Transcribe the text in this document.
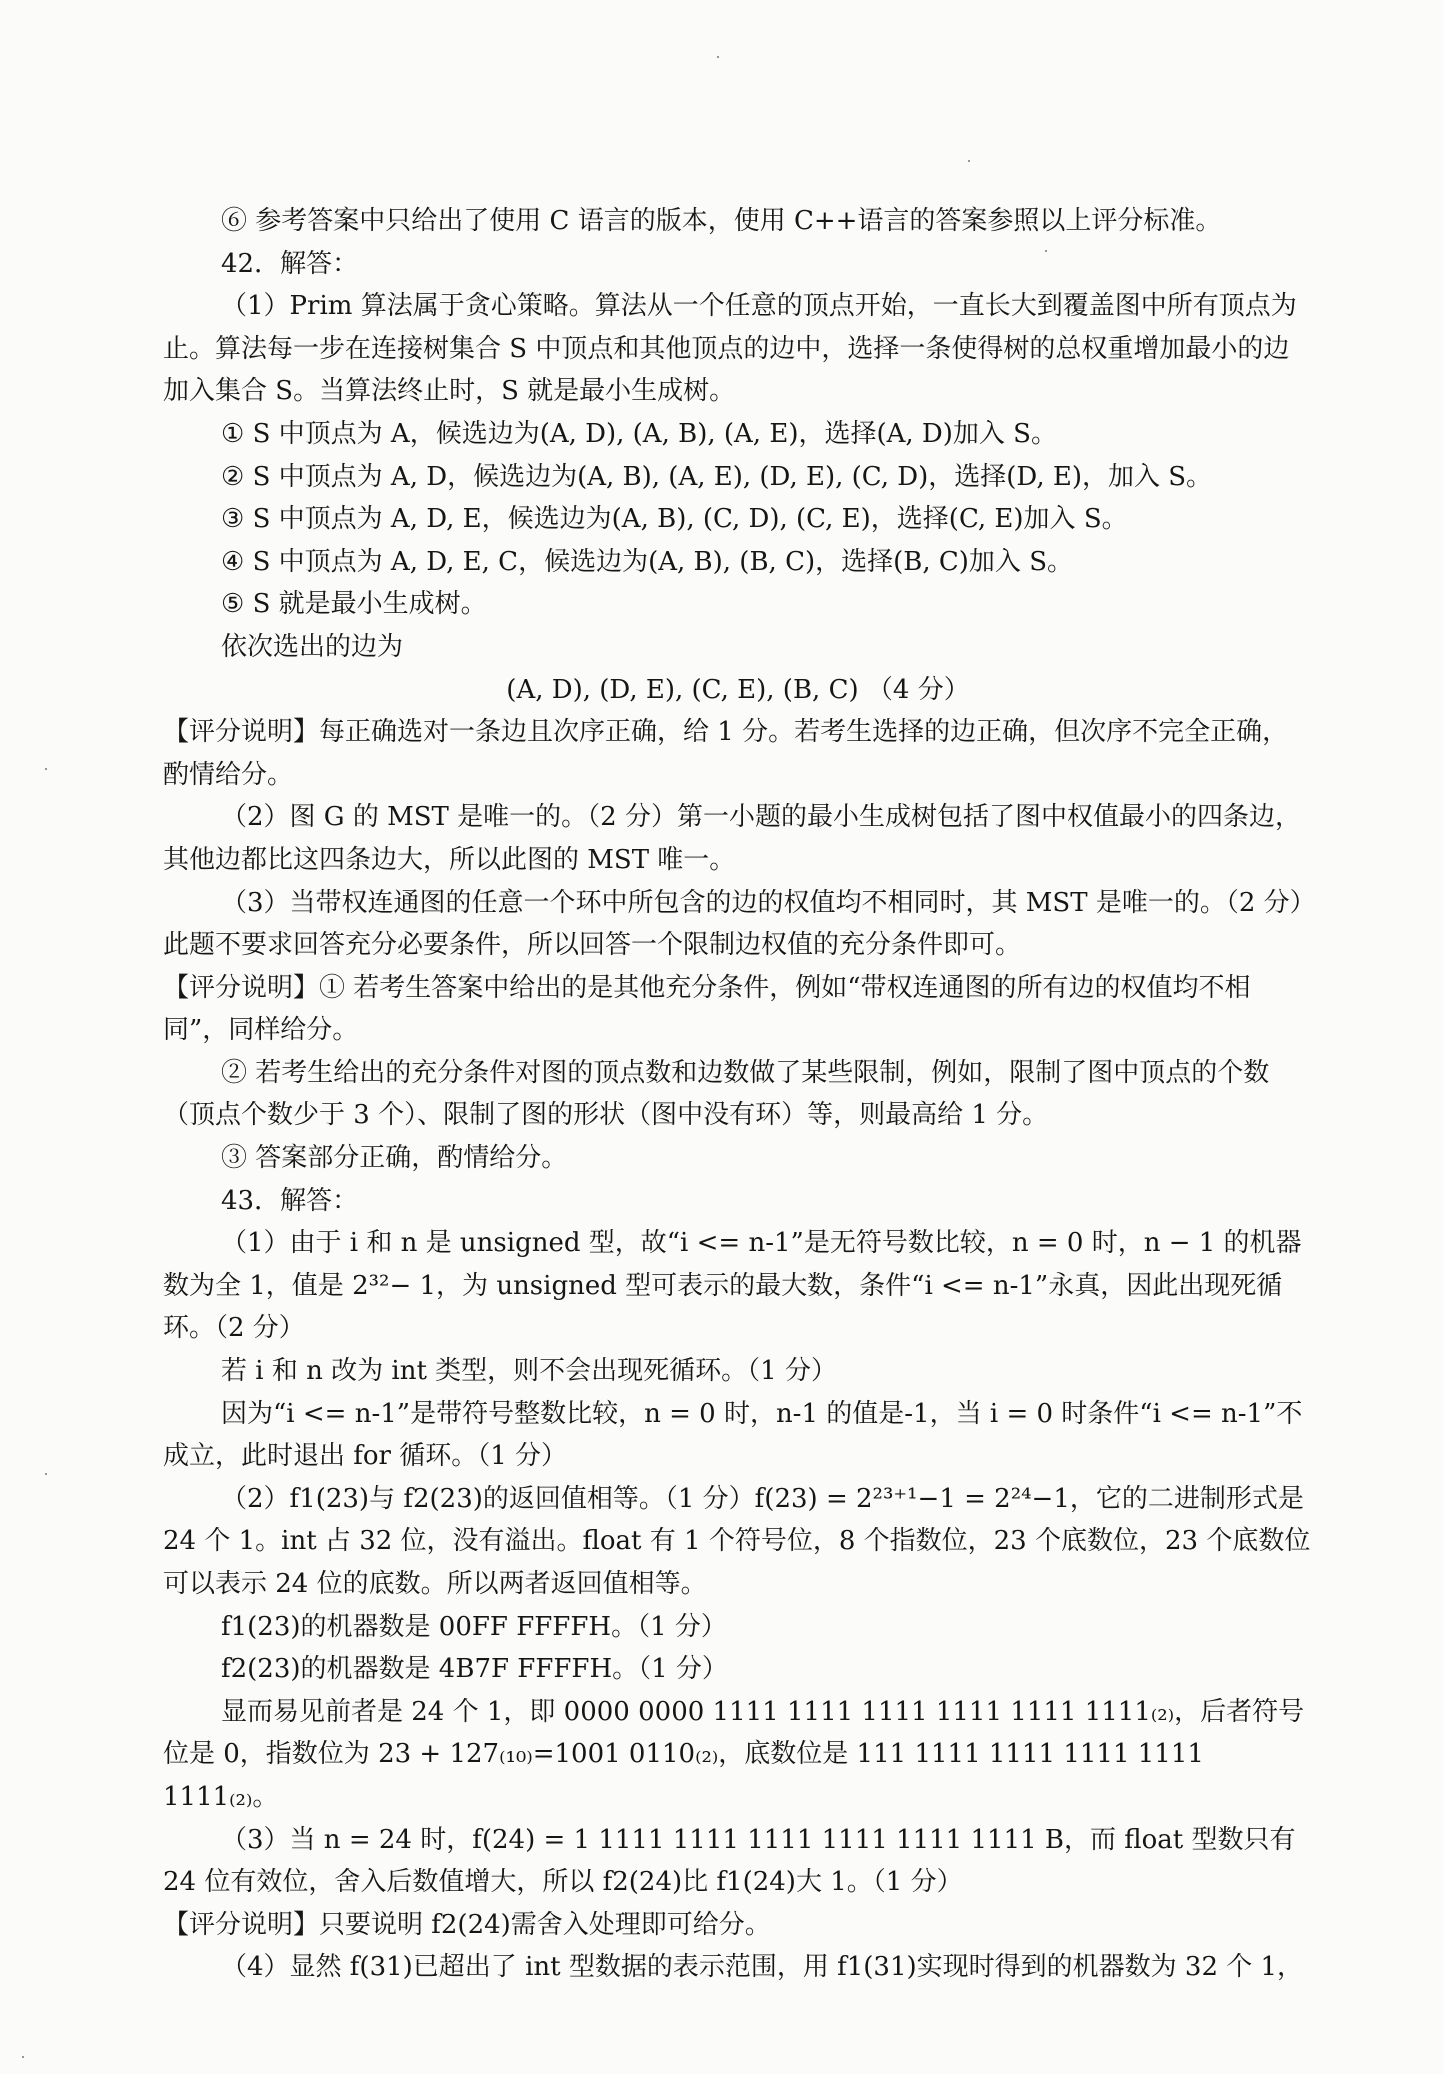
⑥ 参考答案中只给出了使用 C 语言的版本，使用 C++语言的答案参照以上评分标准。

42．解答：

（1）Prim 算法属于贪心策略。算法从一个任意的顶点开始，一直长大到覆盖图中所有顶点为止。算法每一步在连接树集合 S 中顶点和其他顶点的边中，选择一条使得树的总权重增加最小的边加入集合 S。当算法终止时，S 就是最小生成树。

① S 中顶点为 A，候选边为(A, D), (A, B), (A, E)，选择(A, D)加入 S。

② S 中顶点为 A, D，候选边为(A, B), (A, E), (D, E), (C, D)，选择(D, E)，加入 S。

③ S 中顶点为 A, D, E，候选边为(A, B), (C, D), (C, E)，选择(C, E)加入 S。

④ S 中顶点为 A, D, E, C，候选边为(A, B), (B, C)，选择(B, C)加入 S。

⑤ S 就是最小生成树。

依次选出的边为

(A, D), (D, E), (C, E), (B, C) （4 分）

【评分说明】每正确选对一条边且次序正确，给 1 分。若考生选择的边正确，但次序不完全正确，酌情给分。

（2）图 G 的 MST 是唯一的。（2 分）第一小题的最小生成树包括了图中权值最小的四条边，其他边都比这四条边大，所以此图的 MST 唯一。

（3）当带权连通图的任意一个环中所包含的边的权值均不相同时，其 MST 是唯一的。（2 分）此题不要求回答充分必要条件，所以回答一个限制边权值的充分条件即可。

【评分说明】① 若考生答案中给出的是其他充分条件，例如“带权连通图的所有边的权值均不相同”，同样给分。

② 若考生给出的充分条件对图的顶点数和边数做了某些限制，例如，限制了图中顶点的个数（顶点个数少于 3 个）、限制了图的形状（图中没有环）等，则最高给 1 分。

③ 答案部分正确，酌情给分。

43．解答：

（1）由于 i 和 n 是 unsigned 型，故“i <= n-1”是无符号数比较，n = 0 时，n − 1 的机器数为全 1，值是 2³²− 1，为 unsigned 型可表示的最大数，条件“i <= n-1”永真，因此出现死循环。（2 分）

若 i 和 n 改为 int 类型，则不会出现死循环。（1 分）

因为“i <= n-1”是带符号整数比较，n = 0 时，n-1 的值是-1，当 i = 0 时条件“i <= n-1”不成立，此时退出 for 循环。（1 分）

（2）f1(23)与 f2(23)的返回值相等。（1 分）f(23) = 2²³⁺¹−1 = 2²⁴−1，它的二进制形式是 24 个 1。int 占 32 位，没有溢出。float 有 1 个符号位，8 个指数位，23 个底数位，23 个底数位可以表示 24 位的底数。所以两者返回值相等。

f1(23)的机器数是 00FF FFFFH。（1 分）

f2(23)的机器数是 4B7F FFFFH。（1 分）

显而易见前者是 24 个 1，即 0000 0000 1111 1111 1111 1111 1111 1111₍₂₎，后者符号位是 0，指数位为 23 + 127₍₁₀₎=1001 0110₍₂₎，底数位是 111 1111 1111 1111 1111 1111₍₂₎。

（3）当 n = 24 时，f(24) = 1 1111 1111 1111 1111 1111 1111 B，而 float 型数只有 24 位有效位，舍入后数值增大，所以 f2(24)比 f1(24)大 1。（1 分）

【评分说明】只要说明 f2(24)需舍入处理即可给分。

（4）显然 f(31)已超出了 int 型数据的表示范围，用 f1(31)实现时得到的机器数为 32 个 1，
